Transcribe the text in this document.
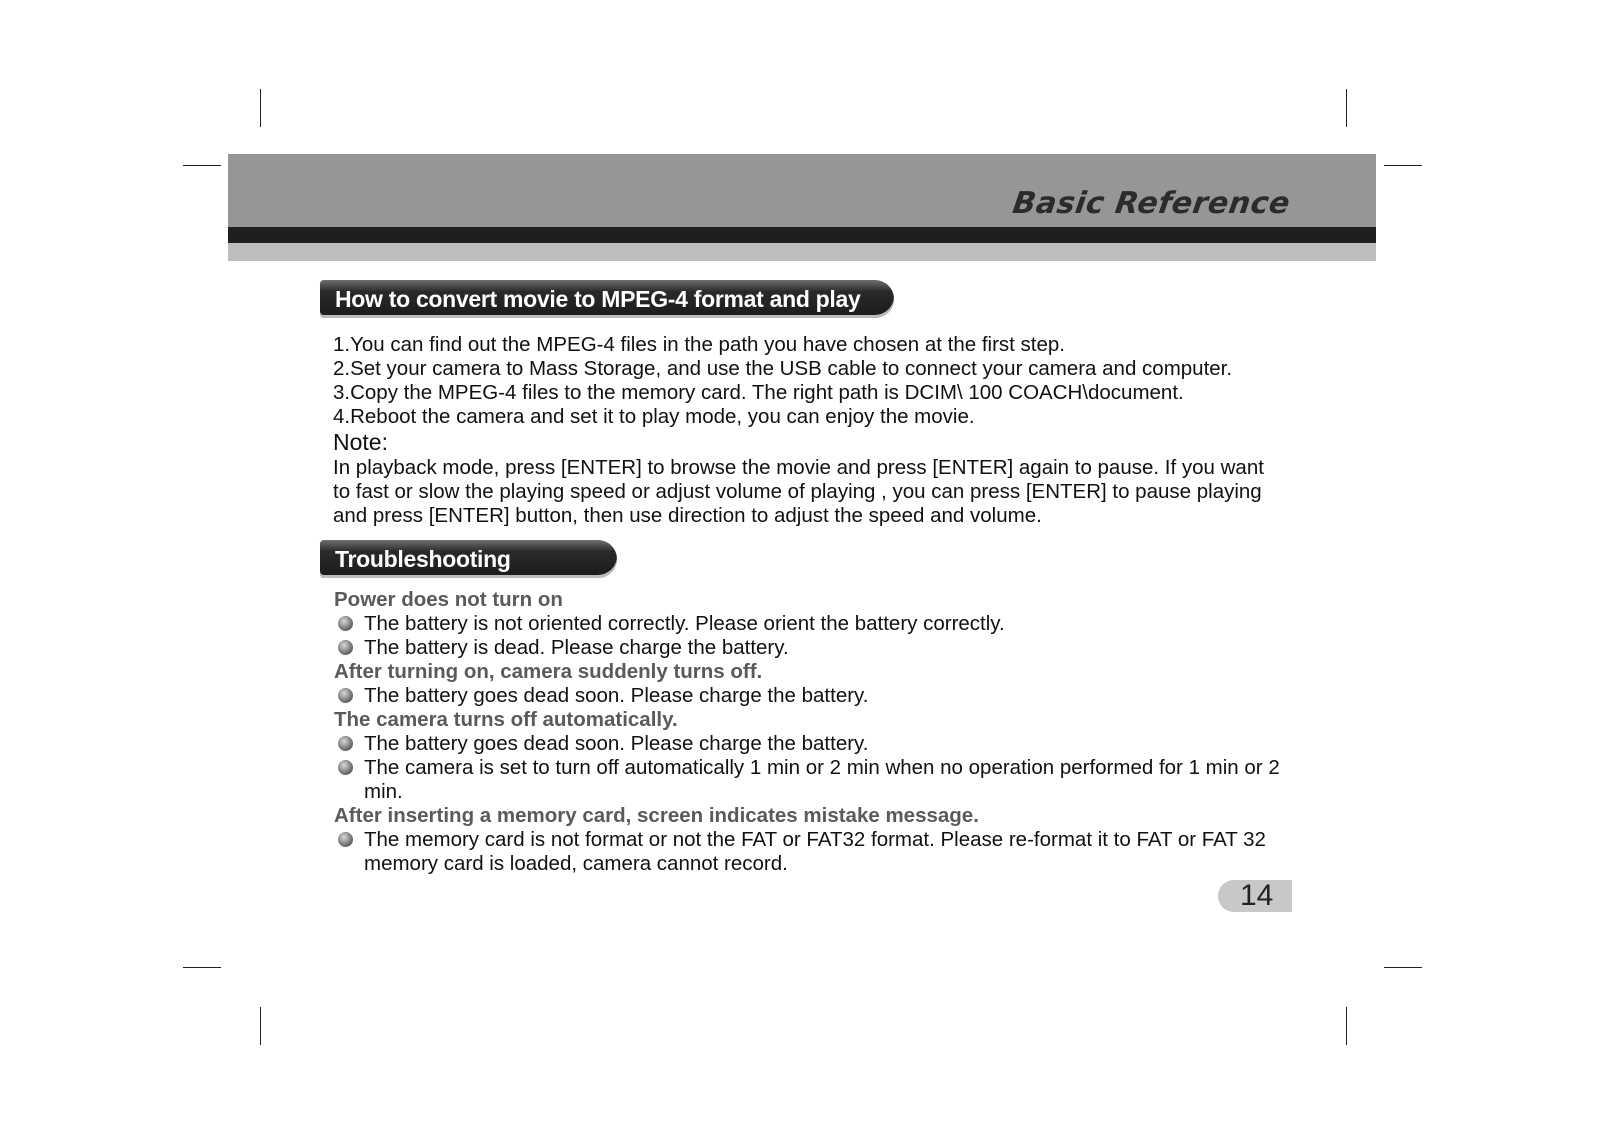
Basic Reference
How to convert movie to MPEG-4 format and play
1.You can find out the MPEG-4 files in the path you have chosen at the first step.
2.Set your camera to Mass Storage, and use the USB cable to connect your camera and computer.
3.Copy the MPEG-4 files to the memory card. The right path is DCIM\ 100 COACH\document.
4.Reboot the camera and set it to play mode, you can enjoy the movie.
Note:
In playback mode, press [ENTER] to browse the movie and press [ENTER] again to pause. If you want
to fast or slow the playing speed or adjust volume of playing , you can press [ENTER] to pause playing
and press [ENTER] button, then use direction to adjust the speed and volume.
Troubleshooting
Power does not turn on
The battery is not oriented correctly. Please orient the battery correctly.
The battery is dead. Please charge the battery.
After turning on, camera suddenly turns off.
The battery goes dead soon. Please charge the battery.
The camera turns off automatically.
The battery goes dead soon. Please charge the battery.
The camera is set to turn off automatically 1 min or 2 min when no operation performed for 1 min or 2 min.
After inserting a memory card, screen indicates mistake message.
The memory card is not format or not the FAT or FAT32 format. Please re-format it to FAT or FAT 32 memory card is loaded, camera cannot record.
14
